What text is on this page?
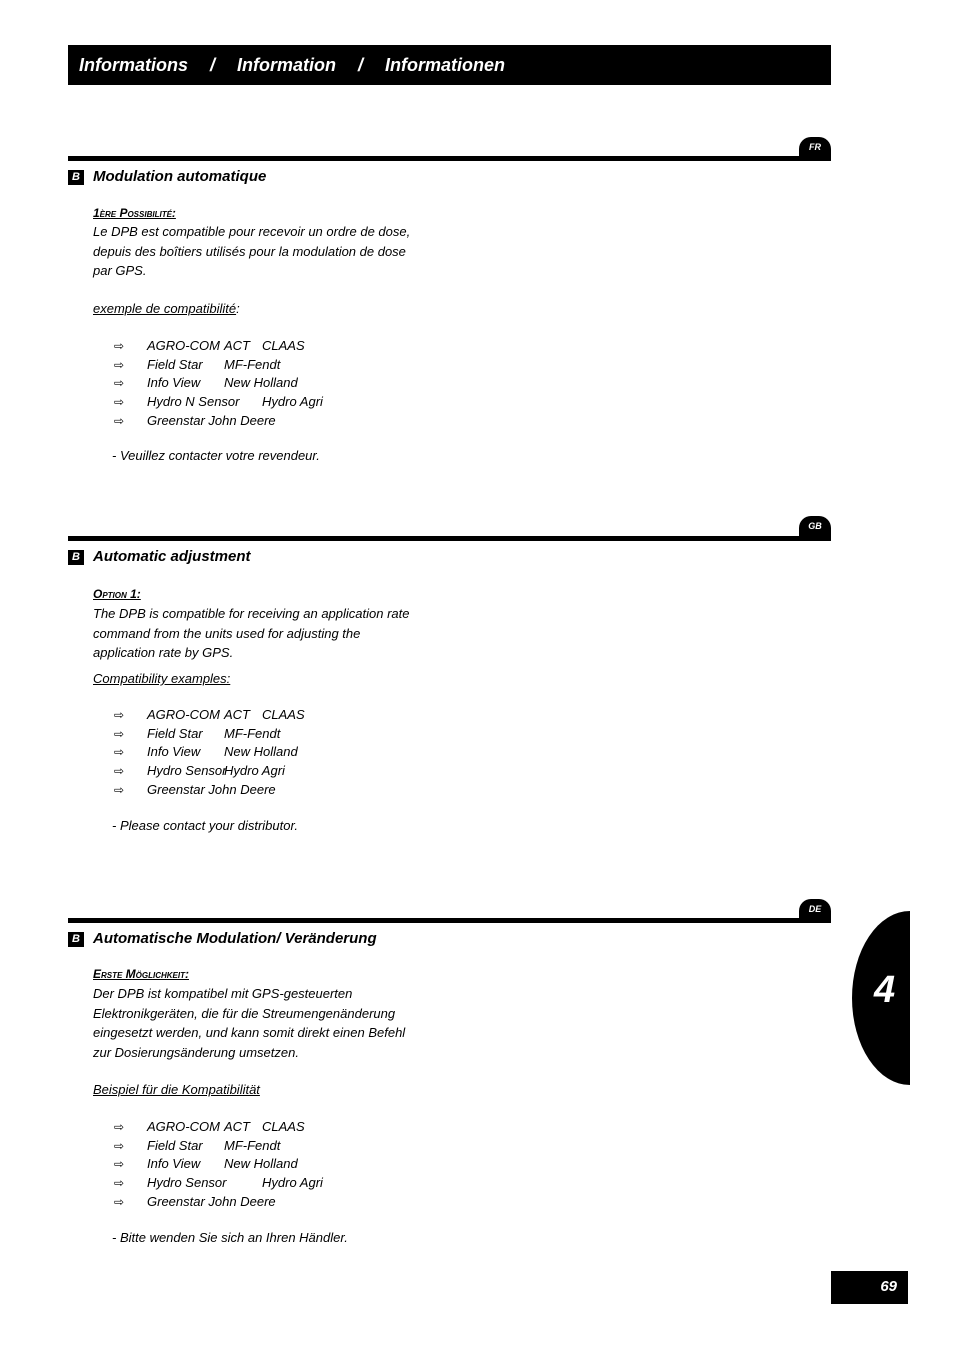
Informations / Information / Informationen
FR
B Modulation automatique
1ère Possibilité:
Le DPB est compatible pour recevoir un ordre de dose, depuis des boîtiers utilisés pour la modulation de dose par GPS.
exemple de compatibilité:
⇨ AGRO-COM ACT CLAAS
⇨ Field Star MF-Fendt
⇨ Info View New Holland
⇨ Hydro N Sensor Hydro Agri
⇨ Greenstar John Deere
- Veuillez contacter votre revendeur.
GB
B Automatic adjustment
Option 1:
The DPB is compatible for receiving an application rate command from the units used for adjusting the application rate by GPS.
Compatibility examples:
⇨ AGRO-COM ACT CLAAS
⇨ Field Star MF-Fendt
⇨ Info View New Holland
⇨ Hydro Sensor
Hydro Agri
⇨ Greenstar John Deere
- Please contact your distributor.
DE
B Automatische Modulation/ Veränderung
Erste Möglichkeit:
Der DPB ist kompatibel mit GPS-gesteuerten Elektronikgeräten, die für die Streumengenänderung eingesetzt werden, und kann somit direkt einen Befehl zur Dosierungsänderung umsetzen.
Beispiel für die Kompatibilität
⇨ AGRO-COM ACT CLAAS
⇨ Field Star MF-Fendt
⇨ Info View New Holland
⇨ Hydro Sensor	Hydro Agri
⇨ Greenstar John Deere
- Bitte wenden Sie sich an Ihren Händler.
4
69
